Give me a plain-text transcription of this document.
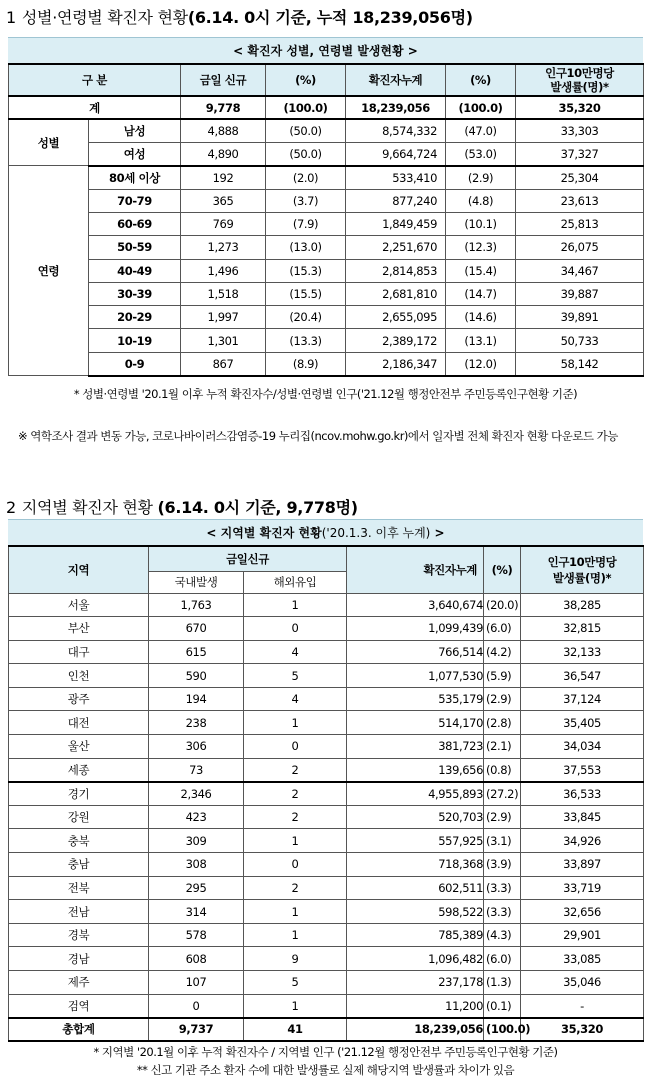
1 성별·연령별 확진자 현황(6.14. 0시 기준, 누적 18,239,056명)
< 확진자 성별, 연령별 발생현황 >
구 분		금일 신규	(%)	확진자누계	(%)	인구10만명당
발생률(명)*
계		9,778	(100.0)	18,239,056	(100.0)	35,320
성별	남성	4,888	(50.0)	8,574,332	(47.0)	33,303
	여성	4,890	(50.0)	9,664,724	(53.0)	37,327
연령	80세 이상	192	(2.0)	533,410	(2.9)	25,304
	70-79	365	(3.7)	877,240	(4.8)	23,613
	60-69	769	(7.9)	1,849,459	(10.1)	25,813
	50-59	1,273	(13.0)	2,251,670	(12.3)	26,075
	40-49	1,496	(15.3)	2,814,853	(15.4)	34,467
	30-39	1,518	(15.5)	2,681,810	(14.7)	39,887
	20-29	1,997	(20.4)	2,655,095	(14.6)	39,891
	10-19	1,301	(13.3)	2,389,172	(13.1)	50,733
	0-9	867	(8.9)	2,186,347	(12.0)	58,142
* 성별·연령별 '20.1월 이후 누적 확진자수/성별·연령별 인구('21.12월 행정안전부 주민등록인구현황 기준)
※ 역학조사 결과 변동 가능, 코로나바이러스감염증-19 누리집(ncov.mohw.go.kr)에서 일자별 전체 확진자 현황 다운로드 가능
2 지역별 확진자 현황 (6.14. 0시 기준, 9,778명)
< 지역별 확진자 현황('20.1.3. 이후 누계) >
지역	금일신규		확진자누계	(%)	인구10만명당
발생률(명)*
	국내발생	해외유입			
서울	1,763	1	3,640,674	(20.0)	38,285
부산	670	0	1,099,439	(6.0)	32,815
대구	615	4	766,514	(4.2)	32,133
인천	590	5	1,077,530	(5.9)	36,547
광주	194	4	535,179	(2.9)	37,124
대전	238	1	514,170	(2.8)	35,405
울산	306	0	381,723	(2.1)	34,034
세종	73	2	139,656	(0.8)	37,553
경기	2,346	2	4,955,893	(27.2)	36,533
강원	423	2	520,703	(2.9)	33,845
충북	309	1	557,925	(3.1)	34,926
충남	308	0	718,368	(3.9)	33,897
전북	295	2	602,511	(3.3)	33,719
전남	314	1	598,522	(3.3)	32,656
경북	578	1	785,389	(4.3)	29,901
경남	608	9	1,096,482	(6.0)	33,085
제주	107	5	237,178	(1.3)	35,046
검역	0	1	11,200	(0.1)	-
총합계	9,737	41	18,239,056	(100.0)	35,320

* 지역별 '20.1월 이후 누적 확진자수 / 지역별 인구 ('21.12월 행정안전부 주민등록인구현황 기준)

** 신고 기관 주소 환자 수에 대한 발생률로 실제 해당지역 발생률과 차이가 있음
